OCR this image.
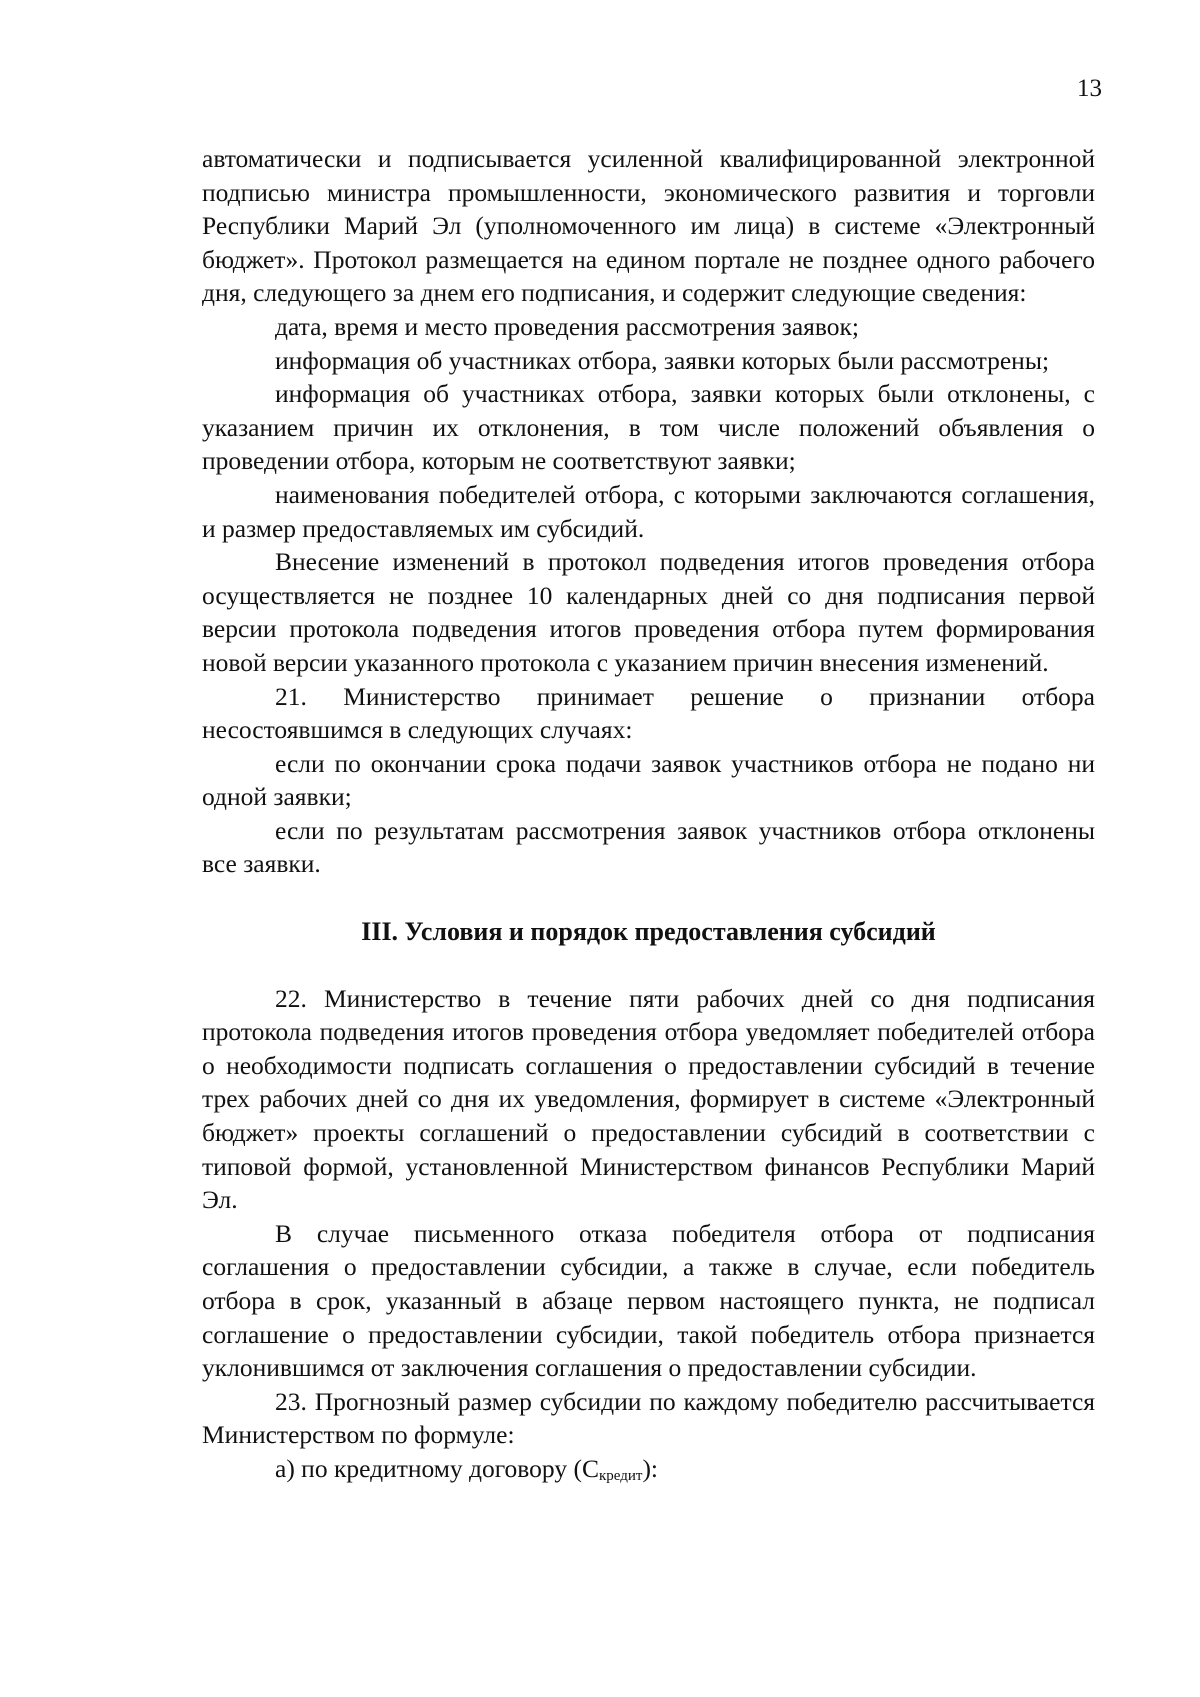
13

автоматически и подписывается усиленной квалифицированной электронной подписью министра промышленности, экономического развития и торговли Республики Марий Эл (уполномоченного им лица) в системе «Электронный бюджет». Протокол размещается на едином портале не позднее одного рабочего дня, следующего за днем его подписания, и содержит следующие сведения:

дата, время и место проведения рассмотрения заявок;

информация об участниках отбора, заявки которых были рассмотрены;

информация об участниках отбора, заявки которых были отклонены, с указанием причин их отклонения, в том числе положений объявления о проведении отбора, которым не соответствуют заявки;

наименования победителей отбора, с которыми заключаются соглашения, и размер предоставляемых им субсидий.

Внесение изменений в протокол подведения итогов проведения отбора осуществляется не позднее 10 календарных дней со дня подписания первой версии протокола подведения итогов проведения отбора путем формирования новой версии указанного протокола с указанием причин внесения изменений.

21. Министерство принимает решение о признании отбора несостоявшимся в следующих случаях:

если по окончании срока подачи заявок участников отбора не подано ни одной заявки;

если по результатам рассмотрения заявок участников отбора отклонены все заявки.

III. Условия и порядок предоставления субсидий

22. Министерство в течение пяти рабочих дней со дня подписания протокола подведения итогов проведения отбора уведомляет победителей отбора о необходимости подписать соглашения о предоставлении субсидий в течение трех рабочих дней со дня их уведомления, формирует в системе «Электронный бюджет» проекты соглашений о предоставлении субсидий в соответствии с типовой формой, установленной Министерством финансов Республики Марий Эл.

В случае письменного отказа победителя отбора от подписания соглашения о предоставлении субсидии, а также в случае, если победитель отбора в срок, указанный в абзаце первом настоящего пункта, не подписал соглашение о предоставлении субсидии, такой победитель отбора признается уклонившимся от заключения соглашения о предоставлении субсидии.

23. Прогнозный размер субсидии по каждому победителю рассчитывается Министерством по формуле:

а) по кредитному договору $(С_{кредит})$:
